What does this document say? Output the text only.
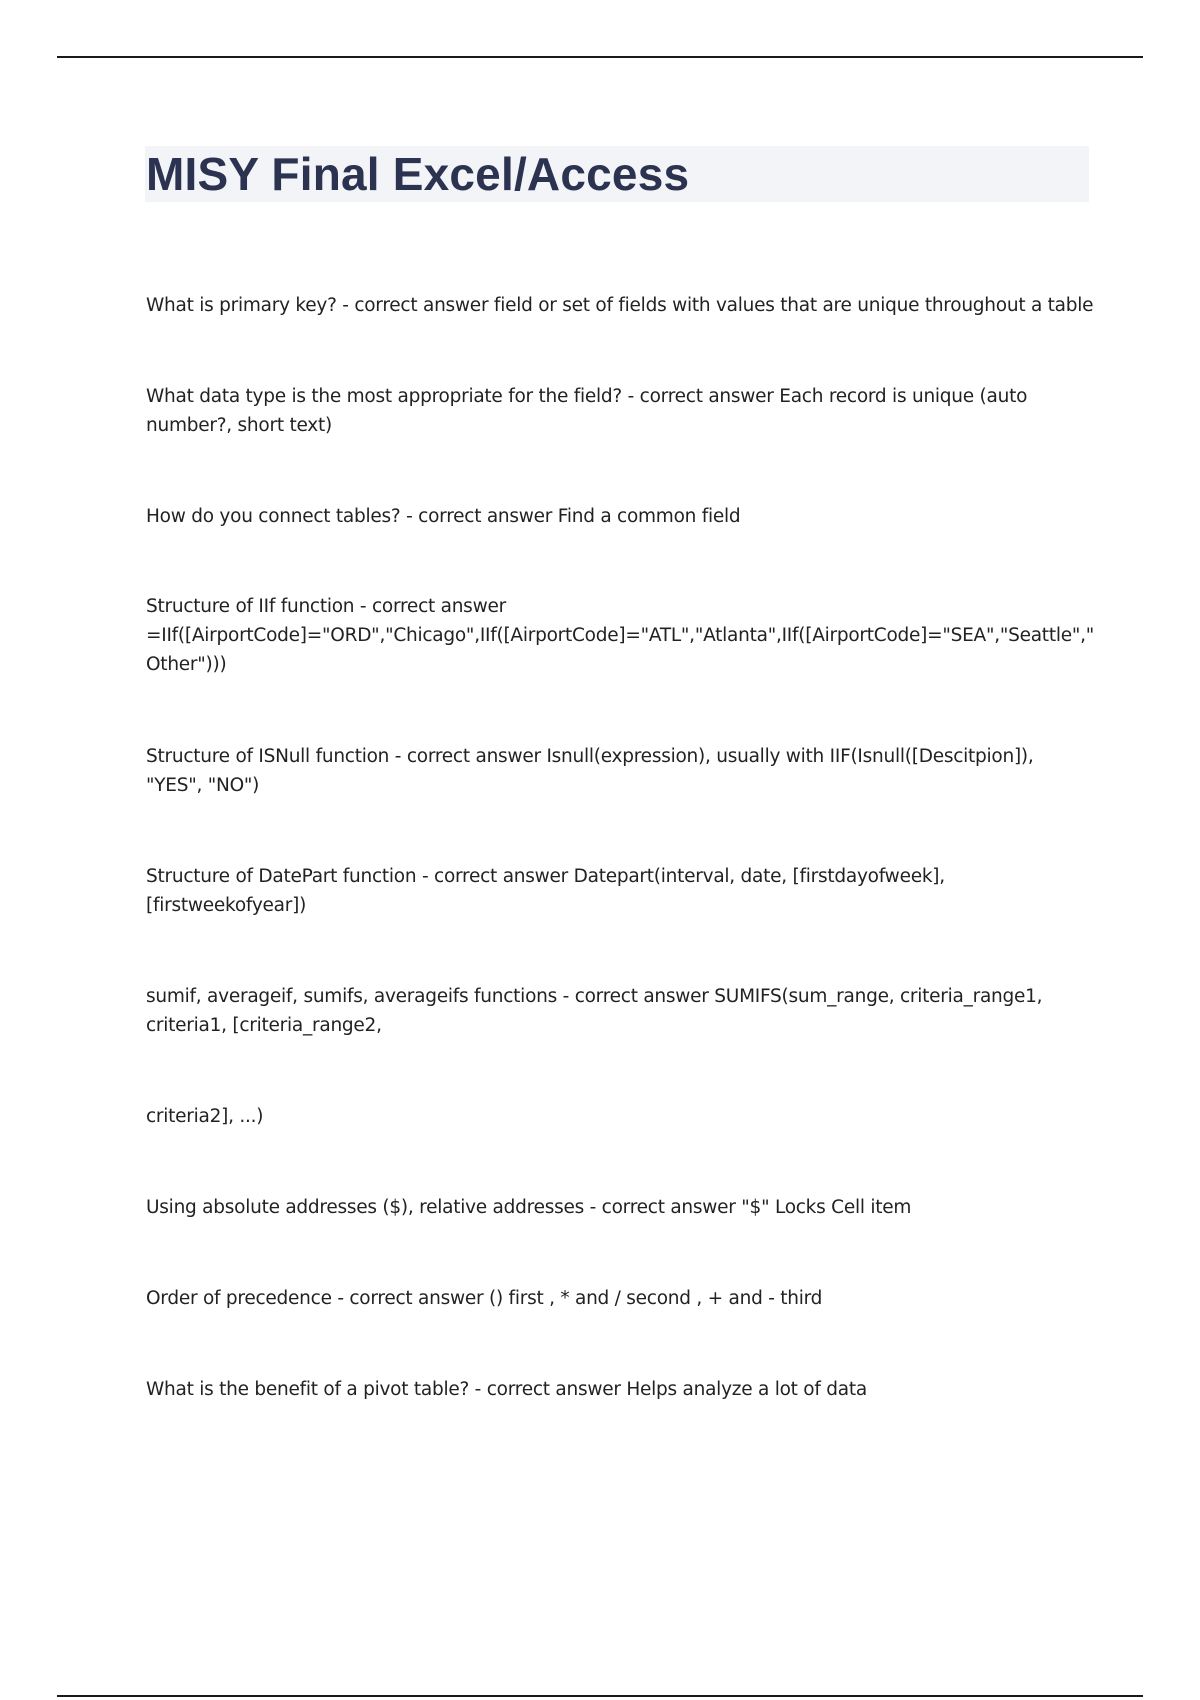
MISY Final Excel/Access

What is primary key? - correct answer field or set of fields with values that are unique throughout a table

What data type is the most appropriate for the field? - correct answer Each record is unique (auto
number?, short text)

How do you connect tables? - correct answer Find a common field

Structure of IIf function - correct answer
=IIf([AirportCode]="ORD","Chicago",IIf([AirportCode]="ATL","Atlanta",IIf([AirportCode]="SEA","Seattle","
Other")))

Structure of ISNull function - correct answer Isnull(expression), usually with IIF(Isnull([Descitpion]),
"YES", "NO")

Structure of DatePart function - correct answer Datepart(interval, date, [firstdayofweek],
[firstweekofyear])

sumif, averageif, sumifs, averageifs functions - correct answer SUMIFS(sum_range, criteria_range1,
criteria1, [criteria_range2,

criteria2], ...)

Using absolute addresses ($), relative addresses - correct answer "$" Locks Cell item

Order of precedence - correct answer () first , * and / second , + and - third

What is the benefit of a pivot table? - correct answer Helps analyze a lot of data
